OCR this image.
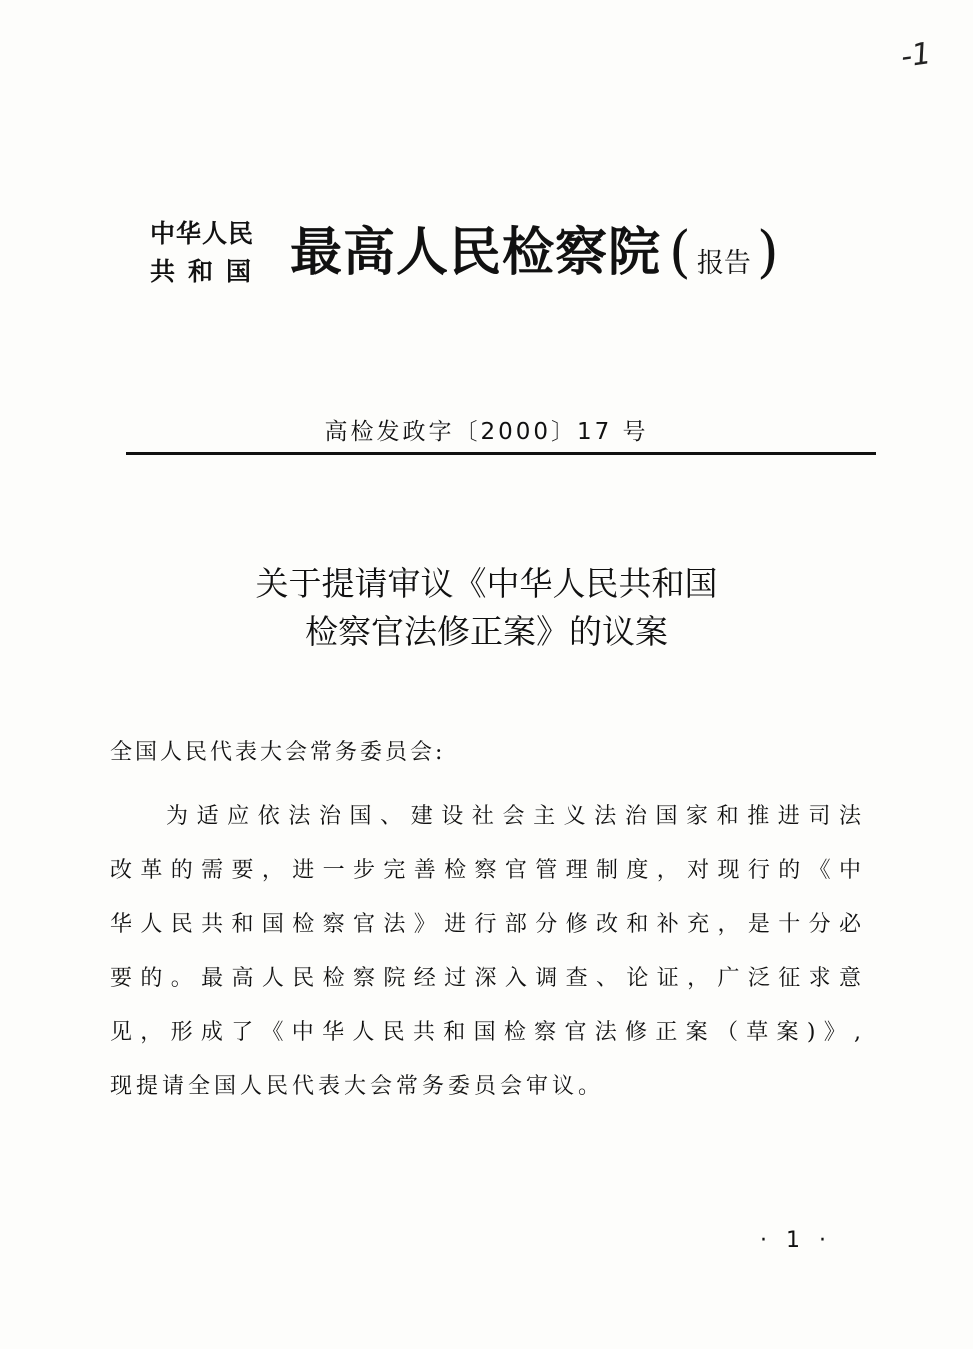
-1
中华人民
共和国 最高人民检察院 ( 报告 )
高检发政字〔2000〕17 号
关于提请审议《中华人民共和国
检察官法修正案》的议案
全国人民代表大会常务委员会:
为适应依法治国、建设社会主义法治国家和推进司法
改革的需要，进一步完善检察官管理制度，对现行的《中
华人民共和国检察官法》进行部分修改和补充，是十分必
要的。最高人民检察院经过深入调查、论证，广泛征求意
见，形成了《中华人民共和国检察官法修正案（草案)》,
现提请全国人民代表大会常务委员会审议。
· 1 ·
